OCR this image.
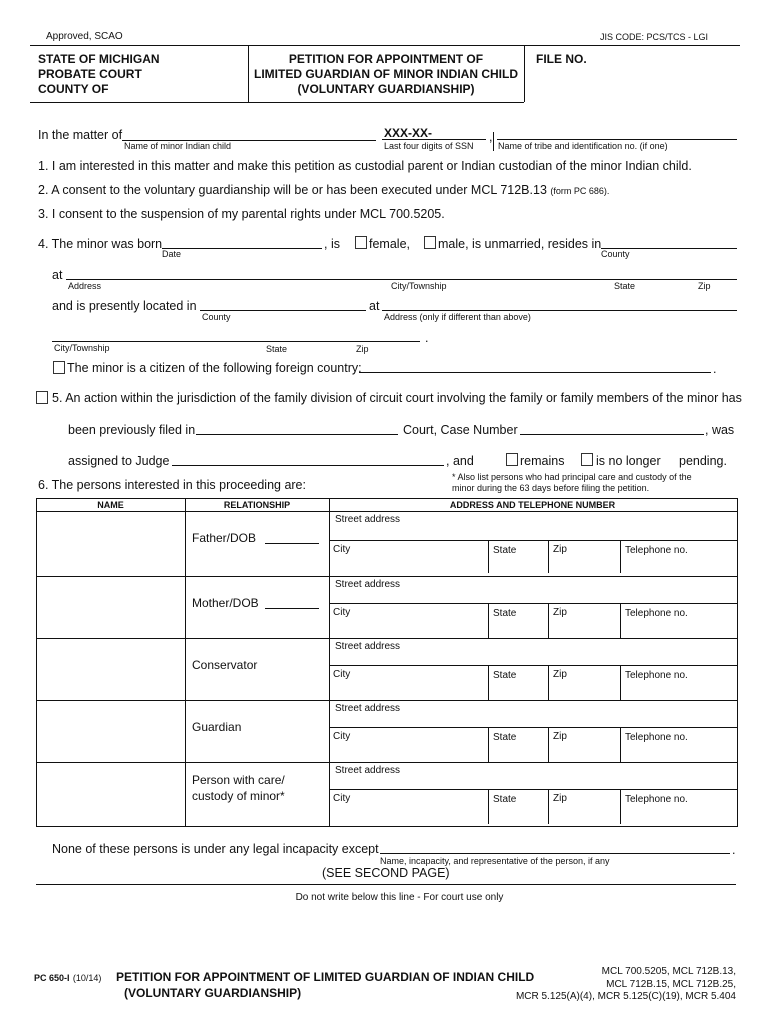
Approved, SCAO	JIS CODE: PCS/TCS - LGI
STATE OF MICHIGAN
PROBATE COURT
COUNTY OF
PETITION FOR APPOINTMENT OF
LIMITED GUARDIAN OF MINOR INDIAN CHILD
(VOLUNTARY GUARDIANSHIP)
FILE NO.
In the matter of
Name of minor Indian child
XXX-XX-	,
Last four digits of SSN	Name of tribe and identification no. (if one)
1. I am interested in this matter and make this petition as custodial parent or Indian custodian of the minor Indian child.
2. A consent to the voluntary guardianship will be or has been executed under MCL 712B.13 (form PC 686).
3. I consent to the suspension of my parental rights under MCL 700.5205.
4. The minor was born
Date
, is female, male, is unmarried, resides in
County
at
Address	City/Township	State	Zip
and is presently located in
County
at
Address (only if different than above)
.
City/Township	State	Zip
The minor is a citizen of the following foreign country:	.
5. An action within the jurisdiction of the family division of circuit court involving the family or family members of the minor has
been previously filed in	Court, Case Number	, was
assigned to Judge	, and	remains	is no longer pending.
6. The persons interested in this proceeding are:
* Also list persons who had principal care and custody of the
minor during the 63 days before filing the petition.
NAME	RELATIONSHIP	ADDRESS AND TELEPHONE NUMBER
Father/DOB
Street address
City	State	Zip	Telephone no.
Mother/DOB
Street address
City	State	Zip	Telephone no.
Conservator
Street address
City	State	Zip	Telephone no.
Guardian
Street address
City	State	Zip	Telephone no.
Person with care/
custody of minor*
Street address
City	State	Zip	Telephone no.
None of these persons is under any legal incapacity except	.
Name, incapacity, and representative of the person, if any
(SEE SECOND PAGE)
Do not write below this line - For court use only
PC 650-I (10/14) PETITION FOR APPOINTMENT OF LIMITED GUARDIAN OF INDIAN CHILD
(VOLUNTARY GUARDIANSHIP)
MCL 700.5205, MCL 712B.13,
MCL 712B.15, MCL 712B.25,
MCR 5.125(A)(4), MCR 5.125(C)(19), MCR 5.404
